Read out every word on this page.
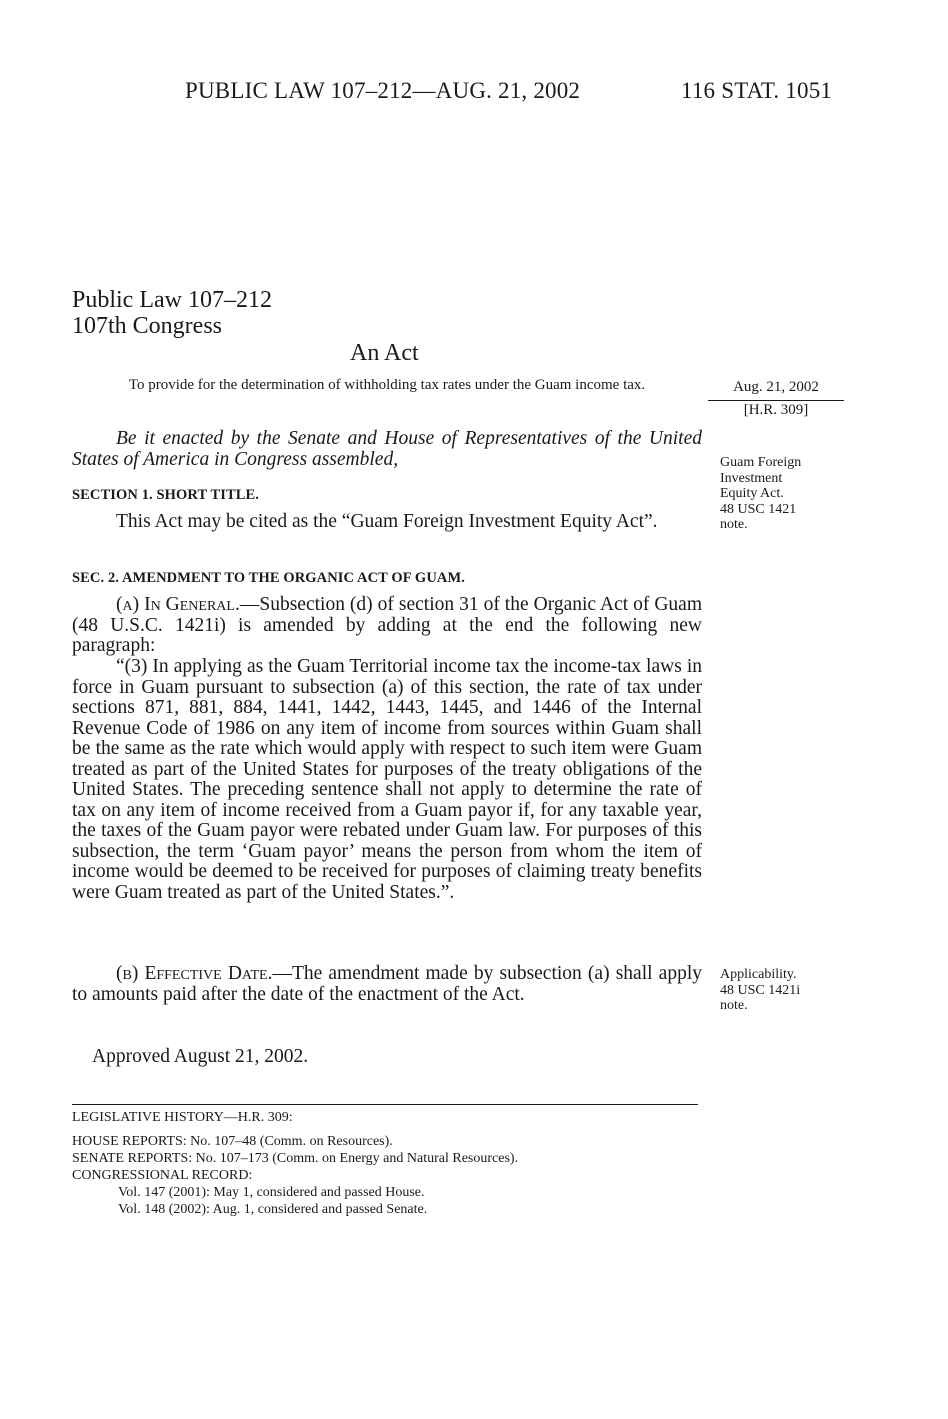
PUBLIC LAW 107–212—AUG. 21, 2002	116 STAT. 1051
Public Law 107–212
107th Congress
An Act
To provide for the determination of withholding tax rates under the Guam income tax.	Aug. 21, 2002
[H.R. 309]
Be it enacted by the Senate and House of Representatives of the United States of America in Congress assembled,
SECTION 1. SHORT TITLE.
This Act may be cited as the “Guam Foreign Investment Equity Act”.
Guam Foreign
Investment
Equity Act.
48 USC 1421
note.
SEC. 2. AMENDMENT TO THE ORGANIC ACT OF GUAM.
(a) In General.—Subsection (d) of section 31 of the Organic Act of Guam (48 U.S.C. 1421i) is amended by adding at the end the following new paragraph:
“(3) In applying as the Guam Territorial income tax the income-tax laws in force in Guam pursuant to subsection (a) of this section, the rate of tax under sections 871, 881, 884, 1441, 1442, 1443, 1445, and 1446 of the Internal Revenue Code of 1986 on any item of income from sources within Guam shall be the same as the rate which would apply with respect to such item were Guam treated as part of the United States for purposes of the treaty obligations of the United States. The preceding sentence shall not apply to determine the rate of tax on any item of income received from a Guam payor if, for any taxable year, the taxes of the Guam payor were rebated under Guam law. For purposes of this subsection, the term ‘Guam payor’ means the person from whom the item of income would be deemed to be received for purposes of claiming treaty benefits were Guam treated as part of the United States.”.
(b) Effective Date.—The amendment made by subsection (a) shall apply to amounts paid after the date of the enactment of the Act.
Applicability.
48 USC 1421i
note.
Approved August 21, 2002.
LEGISLATIVE HISTORY—H.R. 309:
HOUSE REPORTS: No. 107–48 (Comm. on Resources).
SENATE REPORTS: No. 107–173 (Comm. on Energy and Natural Resources).
CONGRESSIONAL RECORD:
Vol. 147 (2001): May 1, considered and passed House.
Vol. 148 (2002): Aug. 1, considered and passed Senate.
